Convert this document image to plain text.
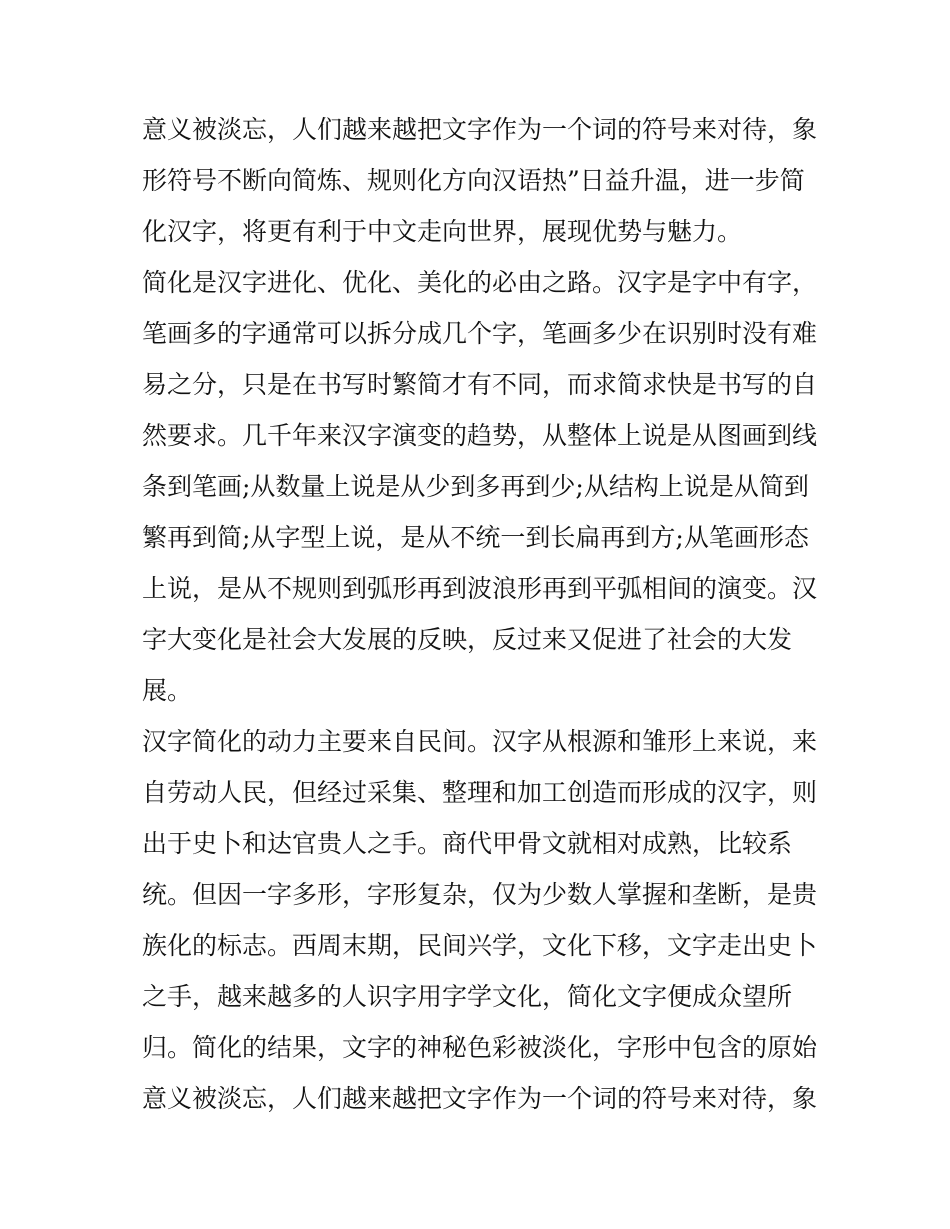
意义被淡忘，人们越来越把文字作为一个词的符号来对待，象
形符号不断向简炼、规则化方向汉语热”日益升温，进一步简
化汉字，将更有利于中文走向世界，展现优势与魅力。
简化是汉字进化、优化、美化的必由之路。汉字是字中有字，
笔画多的字通常可以拆分成几个字，笔画多少在识别时没有难
易之分，只是在书写时繁简才有不同，而求简求快是书写的自
然要求。几千年来汉字演变的趋势，从整体上说是从图画到线
条到笔画;从数量上说是从少到多再到少;从结构上说是从简到
繁再到简;从字型上说，是从不统一到长扁再到方;从笔画形态
上说，是从不规则到弧形再到波浪形再到平弧相间的演变。汉
字大变化是社会大发展的反映，反过来又促进了社会的大发
展。
汉字简化的动力主要来自民间。汉字从根源和雏形上来说，来
自劳动人民，但经过采集、整理和加工创造而形成的汉字，则
出于史卜和达官贵人之手。商代甲骨文就相对成熟，比较系
统。但因一字多形，字形复杂，仅为少数人掌握和垄断，是贵
族化的标志。西周末期，民间兴学，文化下移，文字走出史卜
之手，越来越多的人识字用字学文化，简化文字便成众望所
归。简化的结果，文字的神秘色彩被淡化，字形中包含的原始
意义被淡忘，人们越来越把文字作为一个词的符号来对待，象
